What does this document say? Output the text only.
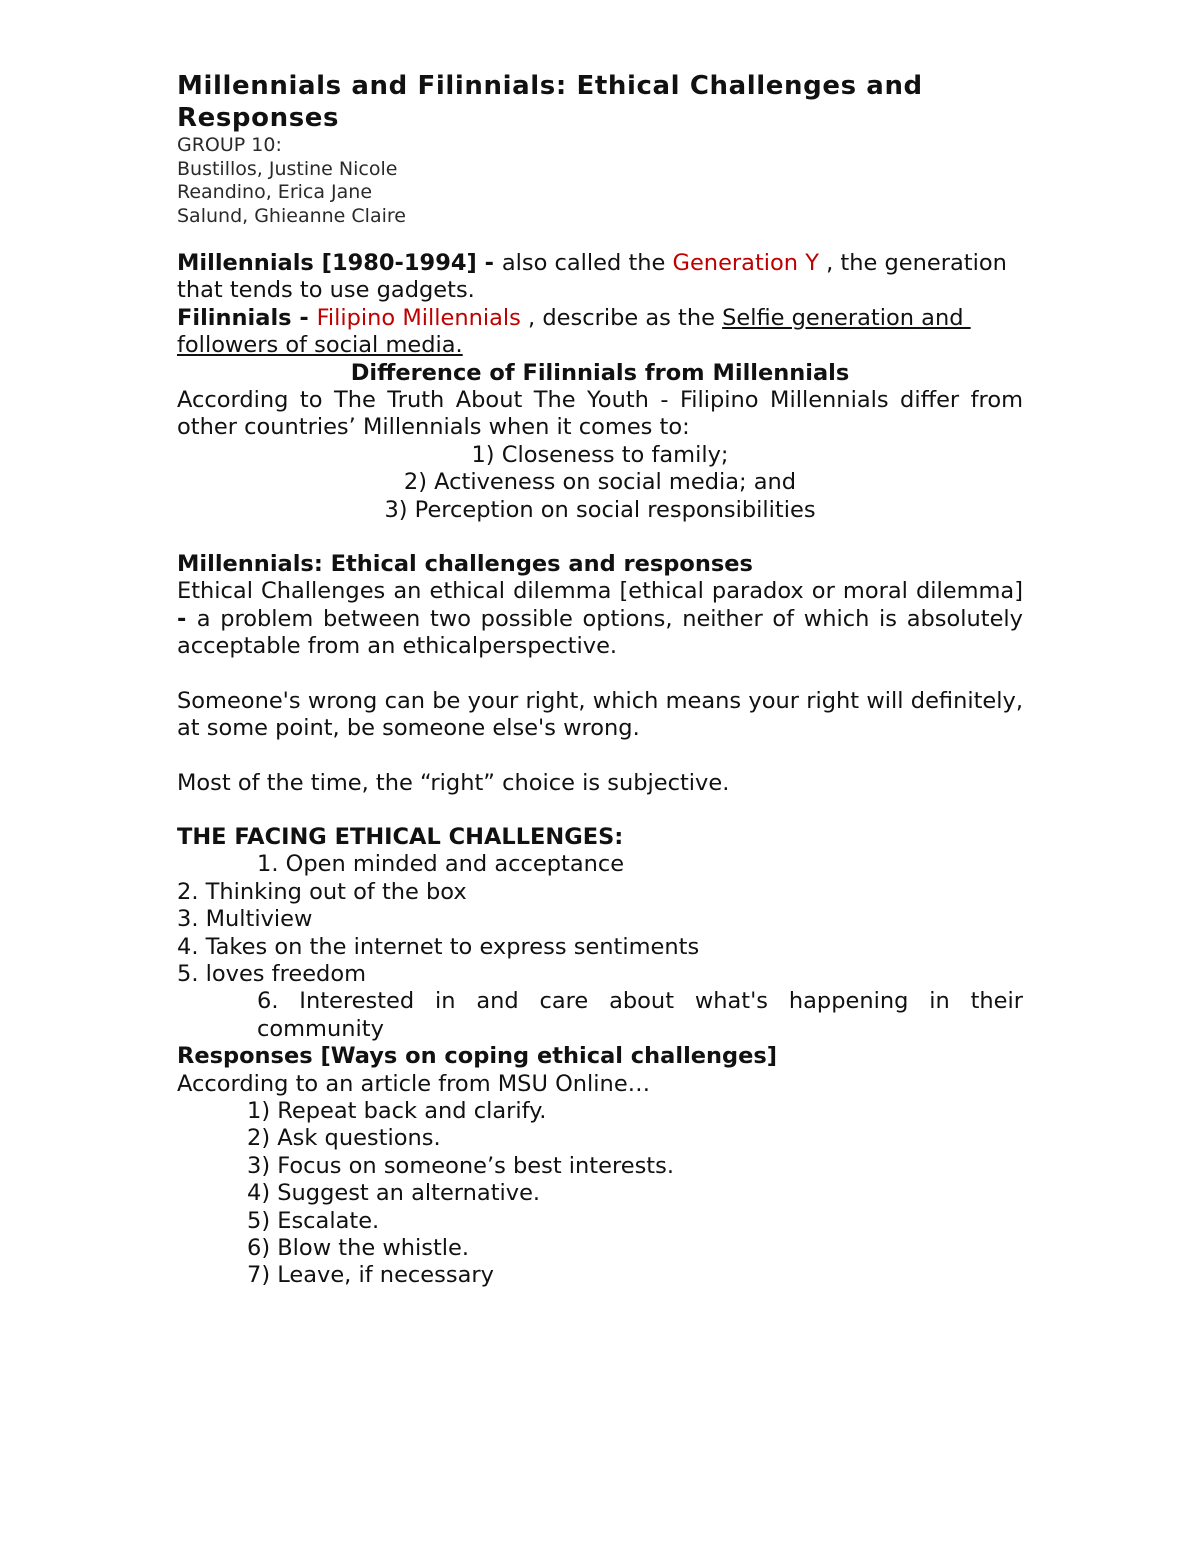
Millennials and Filinnials: Ethical Challenges and Responses
GROUP 10:
Bustillos, Justine Nicole
Reandino, Erica Jane
Salund, Ghieanne Claire

Millennials [1980-1994] - also called the Generation Y , the generation that tends to use gadgets.

Filinnials - Filipino Millennials , describe as the Selfie generation and
followers of social media.

Difference of Filinnials from Millennials

According to The Truth About The Youth - Filipino Millennials differ from other countries’ Millennials when it comes to:

1) Closeness to family;
2) Activeness on social media; and
3) Perception on social responsibilities
Millennials: Ethical challenges and responses

Ethical Challenges an ethical dilemma [ethical paradox or moral dilemma] - a problem between two possible options, neither of which is absolutely acceptable from an ethicalperspective.

Someone's wrong can be your right, which means your right will definitely, at some point, be someone else's wrong.

Most of the time, the “right” choice is subjective.

THE FACING ETHICAL CHALLENGES:
1. Open minded and acceptance
2. Thinking out of the box
3. Multiview
4. Takes on the internet to express sentiments
5. loves freedom
6. Interested in and care about what's happening in their community
Responses [Ways on coping ethical challenges]
According to an article from MSU Online…
1) Repeat back and clarify.
2) Ask questions.
3) Focus on someone’s best interests.
4) Suggest an alternative.
5) Escalate.
6) Blow the whistle.
7) Leave, if necessary
